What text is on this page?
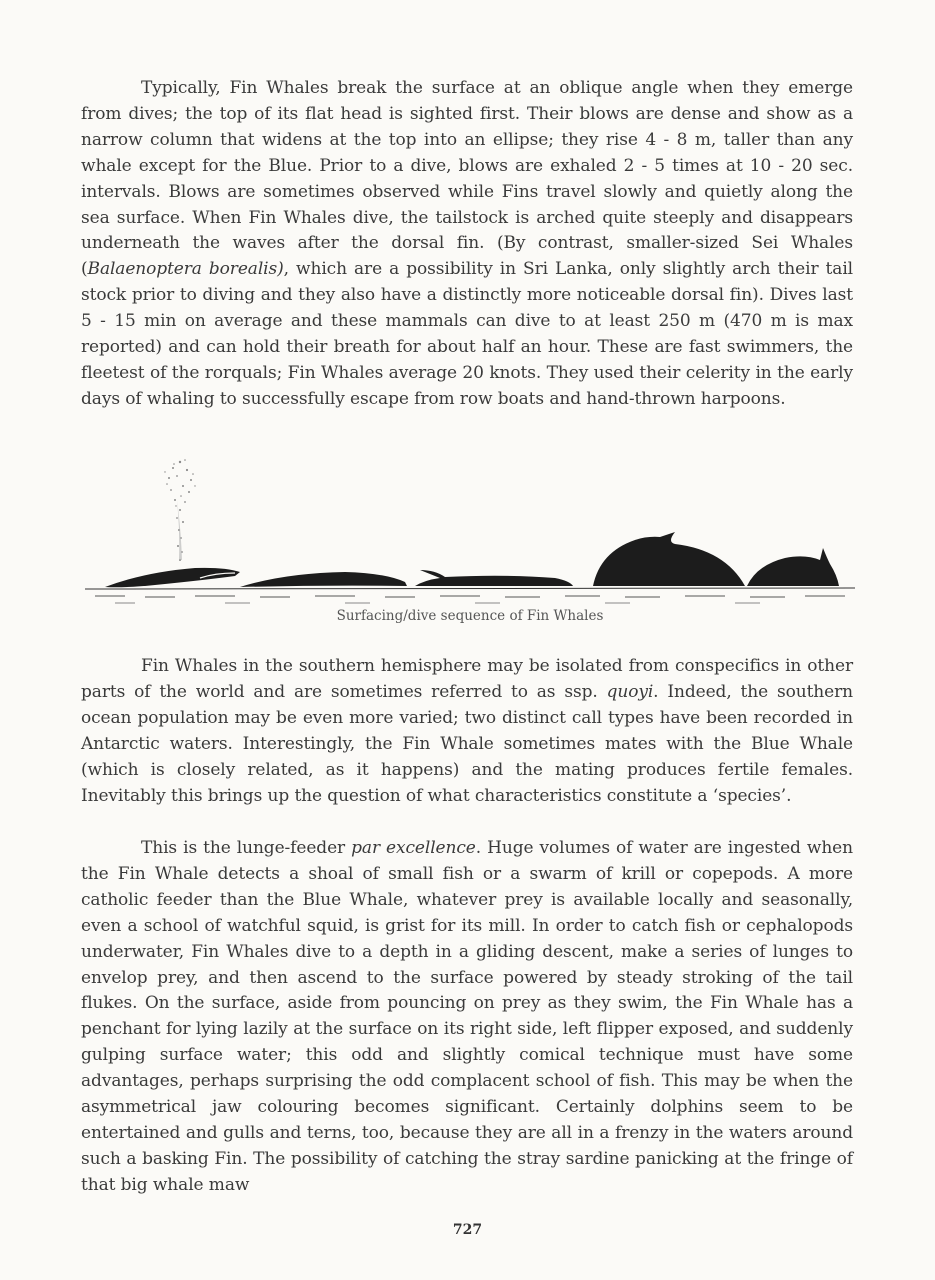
Typically, Fin Whales break the surface at an oblique angle when they emerge from dives; the top of its flat head is sighted first. Their blows are dense and show as a narrow column that widens at the top into an ellipse; they rise 4 - 8 m, taller than any whale except for the Blue. Prior to a dive, blows are exhaled 2 - 5 times at 10 - 20 sec. intervals. Blows are sometimes observed while Fins travel slowly and quietly along the sea surface. When Fin Whales dive, the tailstock is arched quite steeply and disappears underneath the waves after the dorsal fin. (By contrast, smaller-sized Sei Whales (Balaenoptera borealis), which are a possibility in Sri Lanka, only slightly arch their tail stock prior to diving and they also have a distinctly more noticeable dorsal fin). Dives last 5 - 15 min on average and these mammals can dive to at least 250 m (470 m is max reported) and can hold their breath for about half an hour. These are fast swimmers, the fleetest of the rorquals; Fin Whales average 20 knots. They used their celerity in the early days of whaling to successfully escape from row boats and hand-thrown harpoons.

Fin Whales in the southern hemisphere may be isolated from conspecifics in other parts of the world and are sometimes referred to as ssp. quoyi. Indeed, the southern ocean population may be even more varied; two distinct call types have been recorded in Antarctic waters. Interestingly, the Fin Whale sometimes mates with the Blue Whale (which is closely related, as it happens) and the mating produces fertile females. Inevitably this brings up the question of what characteristics constitute a ‘species’.

This is the lunge-feeder par excellence. Huge volumes of water are ingested when the Fin Whale detects a shoal of small fish or a swarm of krill or copepods. A more catholic feeder than the Blue Whale, whatever prey is available locally and seasonally, even a school of watchful squid, is grist for its mill. In order to catch fish or cephalopods underwater, Fin Whales dive to a depth in a gliding descent, make a series of lunges to envelop prey, and then ascend to the surface powered by steady stroking of the tail flukes. On the surface, aside from pouncing on prey as they swim, the Fin Whale has a penchant for lying lazily at the surface on its right side, left flipper exposed, and suddenly gulping surface water; this odd and slightly comical technique must have some advantages, perhaps surprising the odd complacent school of fish. This may be when the asymmetrical jaw colouring becomes significant. Certainly dolphins seem to be entertained and gulls and terns, too, because they are all in a frenzy in the waters around such a basking Fin. The possibility of catching the stray sardine panicking at the fringe of that big whale maw

Surfacing/dive sequence of Fin Whales
727
